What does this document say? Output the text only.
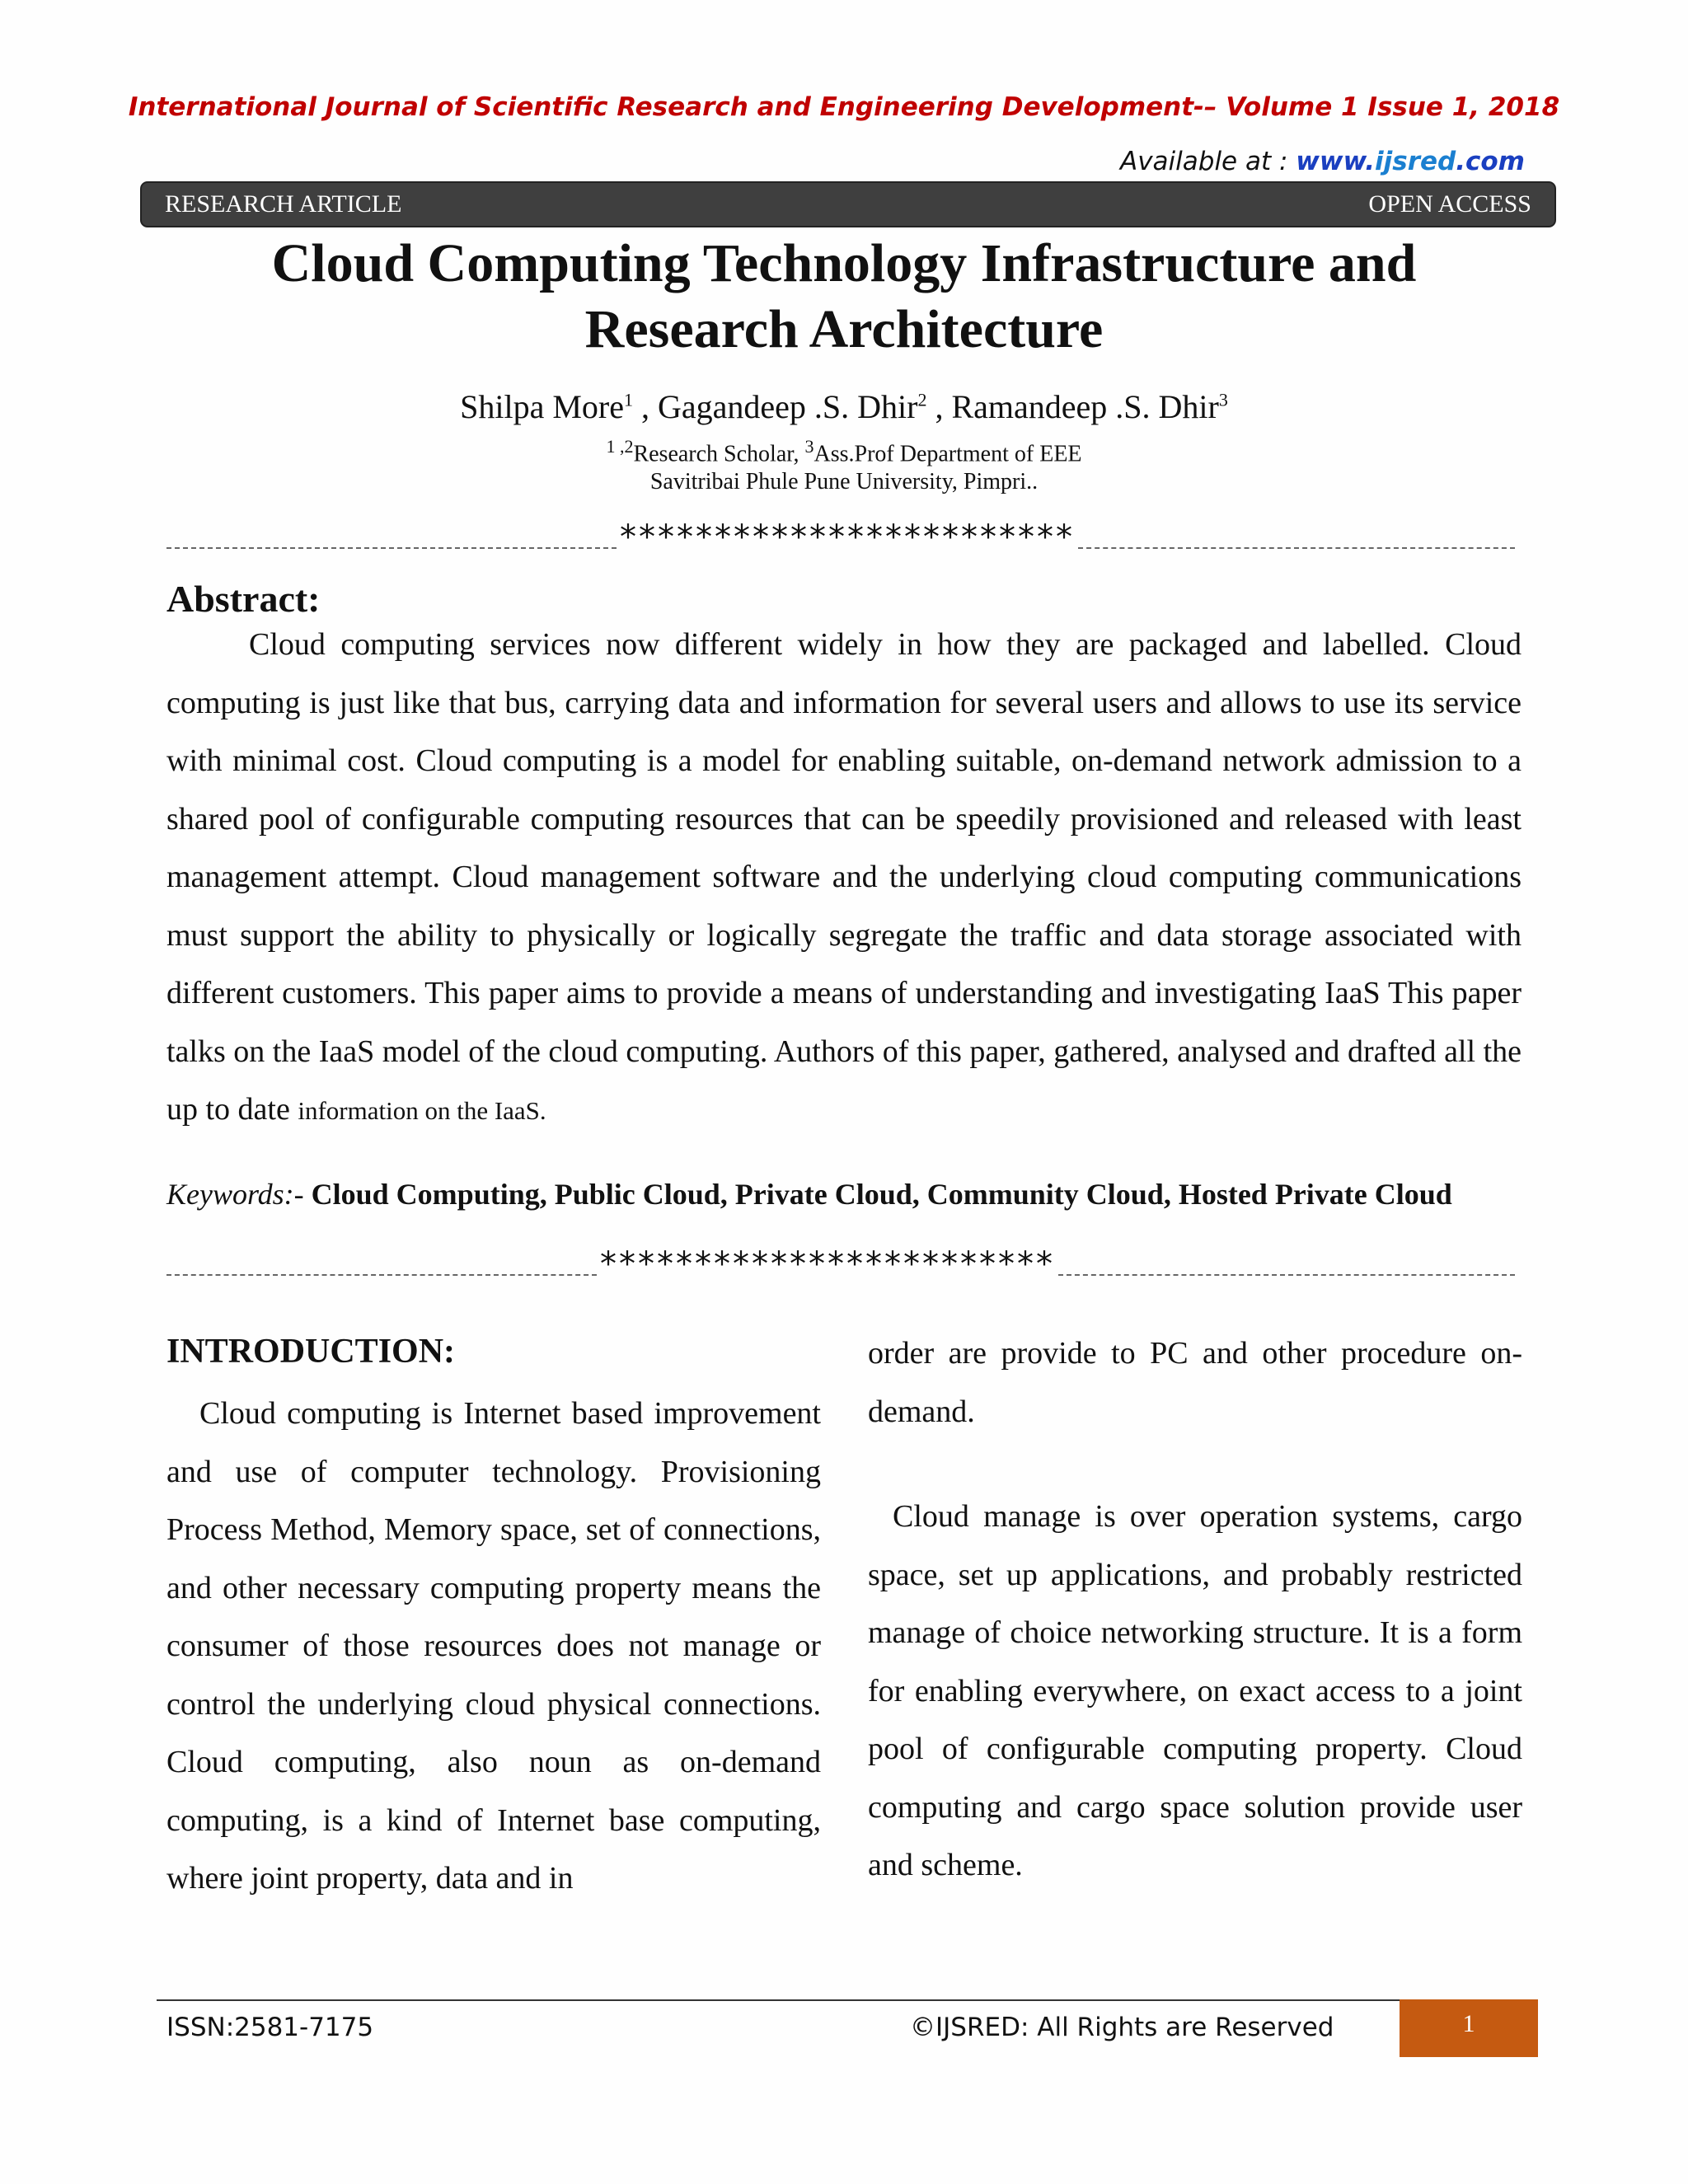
International Journal of Scientific Research and Engineering Development-– Volume 1 Issue 1, 2018
Available at : www.ijsred.com
RESEARCH ARTICLE	OPEN ACCESS
Cloud Computing Technology Infrastructure and
Research Architecture
Shilpa More$^1$ , Gagandeep .S. Dhir$^2$ , Ramandeep .S. Dhir$^3$
$^{1 ,2}$Research Scholar, $^3$Ass.Prof Department of EEE
Savitribai Phule Pune University, Pimpri..
************************
Abstract:

Cloud computing services now different widely in how they are packaged and labelled. Cloud computing is just like that bus, carrying data and information for several users and allows to use its service with minimal cost. Cloud computing is a model for enabling suitable, on-demand network admission to a shared pool of configurable computing resources that can be speedily provisioned and released with least management attempt. Cloud management software and the underlying cloud computing communications must support the ability to physically or logically segregate the traffic and data storage associated with different customers. This paper aims to provide a means of understanding and investigating IaaS This paper talks on the IaaS model of the cloud computing. Authors of this paper, gathered, analysed and drafted all the up to date information on the IaaS.

Keywords:- Cloud Computing, Public Cloud, Private Cloud, Community Cloud, Hosted Private Cloud
************************
INTRODUCTION:

Cloud computing is Internet based improvement and use of computer technology. Provisioning Process Method, Memory space, set of connections, and other necessary computing property means the consumer of those resources does not manage or control the underlying cloud physical connections. Cloud computing, also noun as on-demand computing, is a kind of Internet base computing, where joint property, data and in

order are provide to PC and other procedure on-demand.

Cloud manage is over operation systems, cargo space, set up applications, and probably restricted manage of choice networking structure. It is a form for enabling everywhere, on exact access to a joint pool of configurable computing property. Cloud computing and cargo space solution provide user and scheme.

ISSN:2581-7175	©IJSRED: All Rights are Reserved	1
